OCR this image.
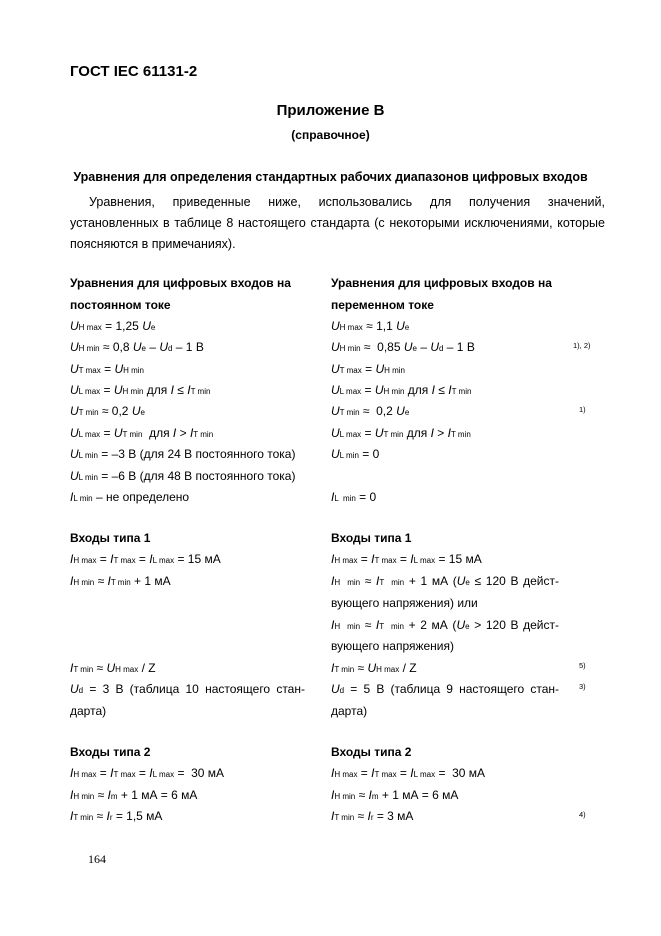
ГОСТ IEC 61131-2
Приложение В
(справочное)
Уравнения для определения стандартных рабочих диапазонов цифровых входов
Уравнения, приведенные ниже, использовались для получения значений, установленных в таблице 8 настоящего стандарта (с некоторыми исключениями, которые поясняются в примечаниях).
Уравнения для цифровых входов на
постоянном токе
UH max = 1,25 Ue
UH min ≈ 0,8 Ue – Ud – 1 В
UT max = UH min
UL max = UH min для I ≤ IT min
UT min ≈ 0,2 Ue
UL max = UT min для I > IT min
UL min = –3 В (для 24 В постоянного тока)
UL min = –6 В (для 48 В постоянного тока)
IL min – не определено
Входы типа 1
IH max = IT max = IL max = 15 мА
IH min ≈ IT min + 1 мА
IT min ≈ UH max / Z
Ud = 3 В (таблица 10 настоящего стан-
дарта)
Входы типа 2
IH max = IT max = IL max =  30 мА
IH min ≈ Im + 1 мА = 6 мА
IT min ≈ Ir = 1,5 мА
Уравнения для цифровых входов на
переменном токе
UH max ≈ 1,1 Ue
UH min ≈  0,85 Ue – Ud – 1 В
UT max = UH min
UL max = UH min для I ≤ IT min
UT min ≈  0,2 Ue
UL max = UT min для I > IT min
UL min = 0
IL  min = 0
Входы типа 1
IH max = IT max = IL max = 15 мА
IH  min ≈ IT  min + 1 мА (Ue ≤ 120 В дейст-
вующего напряжения) или
IH  min ≈ IT  min + 2 мА (Ue > 120 В дейст-
вующего напряжения)
IT min ≈ UH max / Z
Ud = 5 В (таблица 9 настоящего стан-
дарта)
Входы типа 2
IH max = IT max = IL max =  30 мА
IH min ≈ Im + 1 мА = 6 мА
IT min ≈ Ir = 3 мА
1), 2)
1)
5)
3)
4)
164
